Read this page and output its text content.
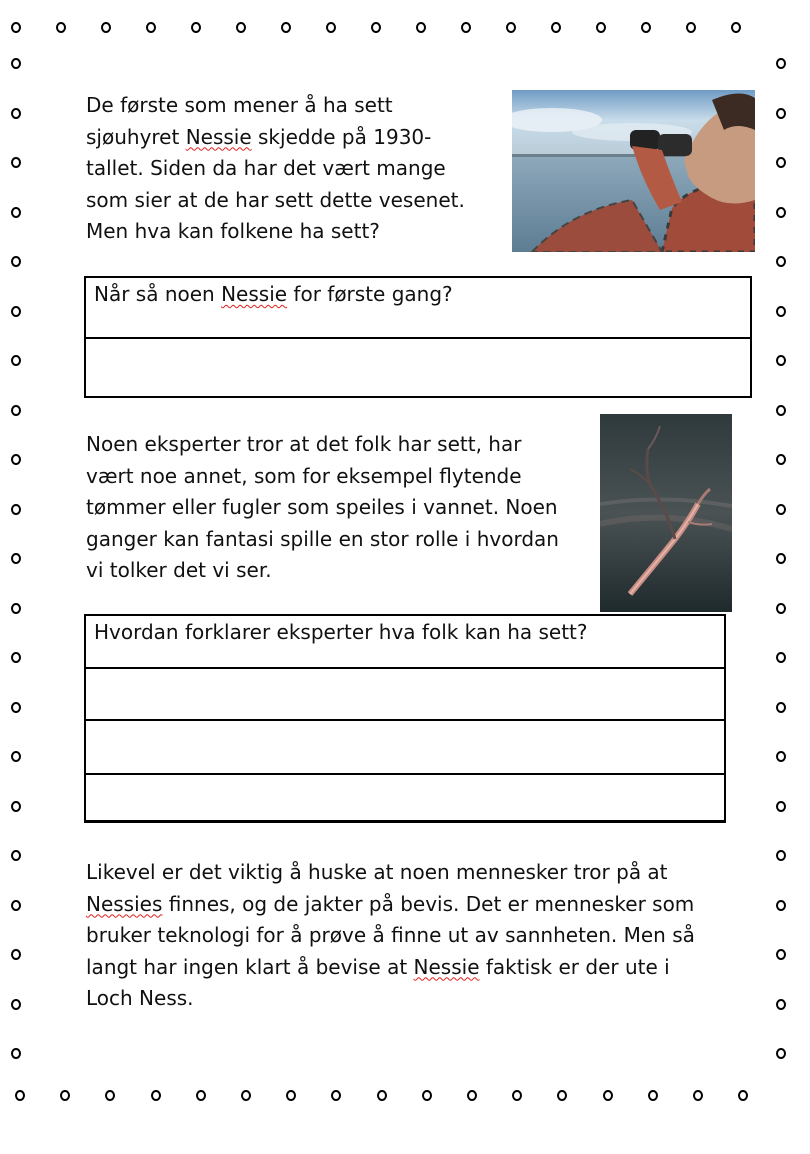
De første som mener å ha sett
sjøuhyret Nessie skjedde på 1930-
tallet. Siden da har det vært mange
som sier at de har sett dette vesenet.
Men hva kan folkene ha sett?
Når så noen Nessie for første gang?
Noen eksperter tror at det folk har sett, har
vært noe annet, som for eksempel flytende
tømmer eller fugler som speiles i vannet. Noen
ganger kan fantasi spille en stor rolle i hvordan
vi tolker det vi ser.
Hvordan forklarer eksperter hva folk kan ha sett?
Likevel er det viktig å huske at noen mennesker tror på at
Nessies finnes, og de jakter på bevis. Det er mennesker som
bruker teknologi for å prøve å finne ut av sannheten. Men så
langt har ingen klart å bevise at Nessie faktisk er der ute i
Loch Ness.
